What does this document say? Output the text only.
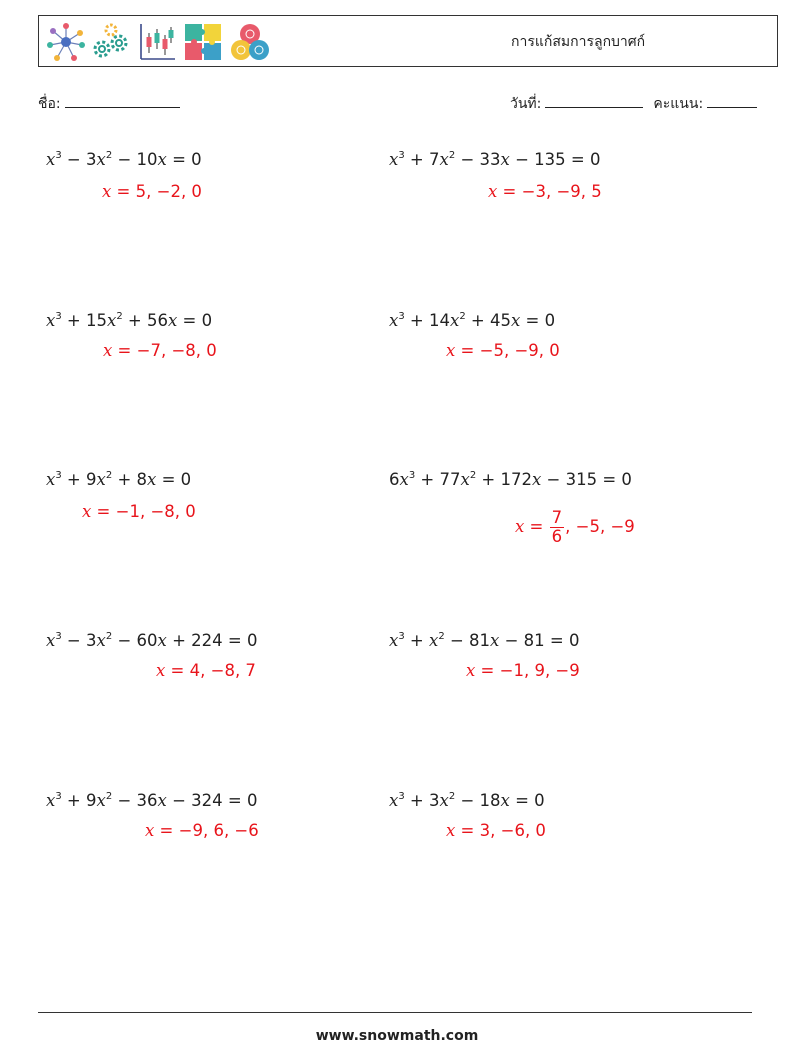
การแก้สมการลูกบาศก์
ชื่อ:	วันที่:	คะแนน:
$x^3 - 3x^2 - 10x = 0$
x = 5, −2, 0
$x^3 + 7x^2 - 33x - 135 = 0$
x = −3, −9, 5
$x^3 + 15x^2 + 56x = 0$
x = −7, −8, 0
$x^3 + 14x^2 + 45x = 0$
x = −5, −9, 0
$x^3 + 9x^2 + 8x = 0$
x = −1, −8, 0
$6x^3 + 77x^2 + 172x - 315 = 0$
$x = \frac{7}{6}$ , −5, −9
$x^3 - 3x^2 - 60x + 224 = 0$
x = 4, −8, 7
$x^3 + x^2 - 81x - 81 = 0$
x = −1, 9, −9
$x^3 + 9x^2 - 36x - 324 = 0$
x = −9, 6, −6
$x^3 + 3x^2 - 18x = 0$
x = 3, −6, 0
www.snowmath.com
